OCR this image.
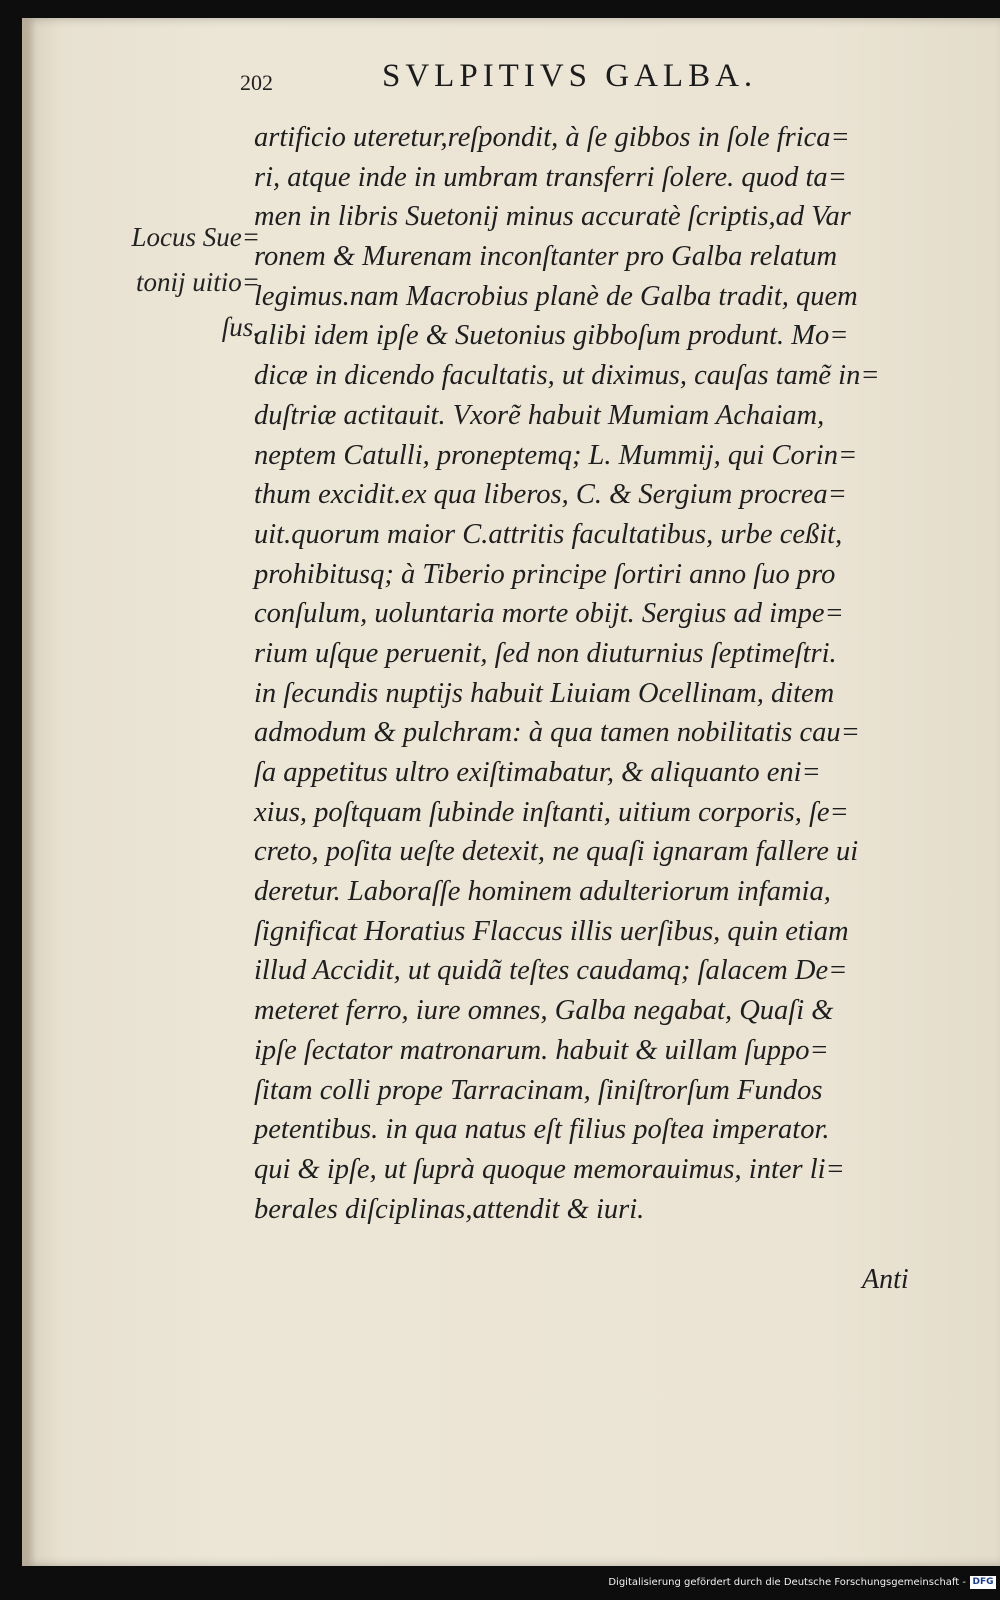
202	SVLPITIVS GALBA.
Locus Sue=
tonij uitio=
ſus.
artificio uteretur,reſpondit, à ſe gibbos in ſole frica=
ri, atque inde in umbram transferri ſolere. quod ta=
men in libris Suetonij minus accuratè ſcriptis,ad Var
ronem & Murenam inconſtanter pro Galba relatum
legimus.nam Macrobius planè de Galba tradit, quem
alibi idem ipſe & Suetonius gibboſum produnt. Mo=
dicæ in dicendo facultatis, ut diximus, cauſas tamẽ in=
duſtriæ actitauit. Vxorẽ habuit Mumiam Achaiam,
neptem Catulli, proneptemq; L. Mummij, qui Corin=
thum excidit.ex qua liberos, C. & Sergium procrea=
uit.quorum maior C.attritis facultatibus, urbe ceßit,
prohibitusq; à Tiberio principe ſortiri anno ſuo pro
conſulum, uoluntaria morte obijt. Sergius ad impe=
rium uſque peruenit, ſed non diuturnius ſeptimeſtri.
in ſecundis nuptijs habuit Liuiam Ocellinam, ditem
admodum & pulchram: à qua tamen nobilitatis cau=
ſa appetitus ultro exiſtimabatur, & aliquanto eni=
xius, poſtquam ſubinde inſtanti, uitium corporis, ſe=
creto, poſita ueſte detexit, ne quaſi ignaram fallere ui
deretur. Laboraſſe hominem adulteriorum infamia,
ſignificat Horatius Flaccus illis uerſibus, quin etiam
illud Accidit, ut quidã teſtes caudamq; ſalacem De=
meteret ferro, iure omnes, Galba negabat, Quaſi &
ipſe ſectator matronarum. habuit & uillam ſuppo=
ſitam colli prope Tarracinam, ſiniſtrorſum Fundos
petentibus. in qua natus eſt filius poſtea imperator.
qui & ipſe, ut ſuprà quoque memorauimus, inter li=
berales diſciplinas,attendit & iuri.
Anti
Digitalisierung gefördert durch die Deutsche Forschungsgemeinschaft - DFG
